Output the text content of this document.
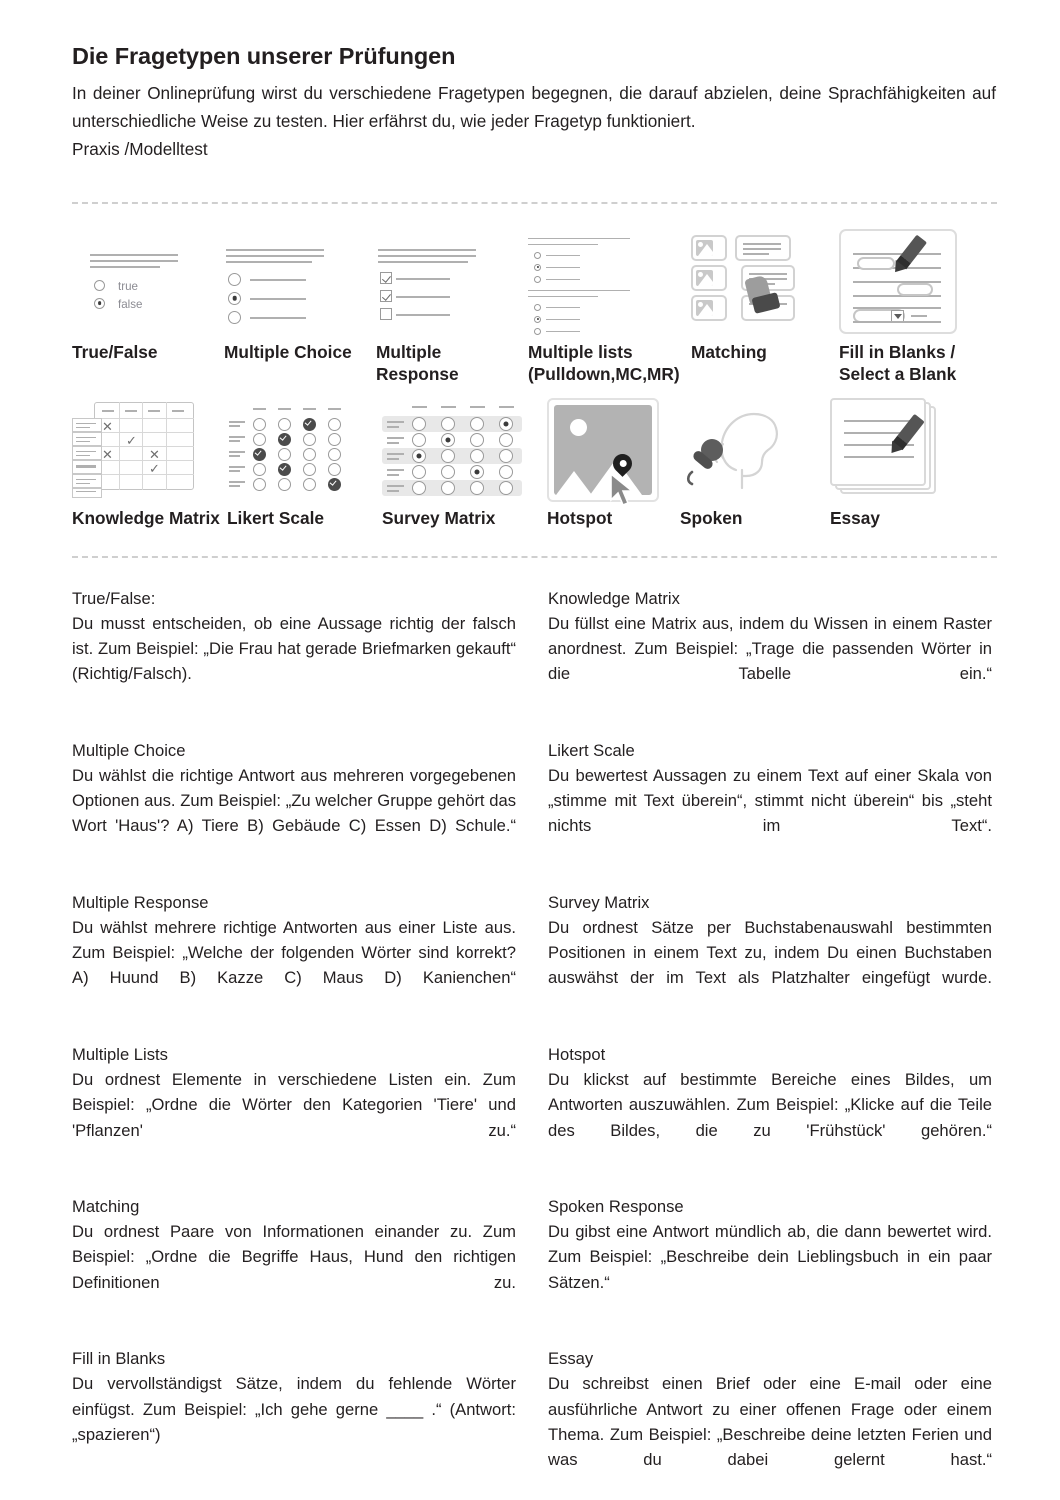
Die Fragetypen unserer Prüfungen

In deiner Onlineprüfung wirst du verschiedene Fragetypen begegnen, die darauf abzielen, deine Sprachfähigkeiten auf unterschiedliche Weise zu testen. Hier erfährst du, wie jeder Fragetyp funktioniert.
Praxis /Modelltest

true
false
True/False	Multiple Choice	Multiple Response
Multiple lists (Pulldown,MC,MR)
Matching	Fill in Blanks / Select a Blank
✕
✓
✕	✕
✓
Knowledge Matrix Likert Scale	Survey Matrix	Hotspot	Spoken	Essay

True/False:

Du musst entscheiden, ob eine Aussage richtig der falsch ist. Zum Beispiel: „Die Frau hat gerade Briefmarken gekauft“ (Richtig/Falsch).

Multiple Choice

Du wählst die richtige Antwort aus mehreren vorgegebenen Optionen aus. Zum Beispiel: „Zu welcher Gruppe gehört das Wort 'Haus'? A) Tiere B) Gebäude C) Essen D) Schule.“

Multiple Response

Du wählst mehrere richtige Antworten aus einer Liste aus. Zum Beispiel: „Welche der folgenden Wörter sind korrekt? A) Huund B) Kazze C) Maus D) Kanienchen“

Multiple Lists

Du ordnest Elemente in verschiedene Listen ein. Zum Beispiel: „Ordne die Wörter den Kategorien 'Tiere' und 'Pflanzen' zu.“

Matching

Du ordnest Paare von Informationen einander zu. Zum Beispiel: „Ordne die Begriffe Haus, Hund den richtigen Definitionen zu.

Fill in Blanks

Du vervollständigst Sätze, indem du fehlende Wörter einfügst. Zum Beispiel: „Ich gehe gerne ____ .“ (Antwort: „spazieren“)

Knowledge Matrix

Du füllst eine Matrix aus, indem du Wissen in einem Raster anordnest. Zum Beispiel: „Trage die passenden Wörter in die Tabelle ein.“

Likert Scale

Du bewertest Aussagen zu einem Text auf einer Skala von „stimme mit Text überein“, stimmt nicht überein“ bis „steht nichts im Text“.

Survey Matrix

Du ordnest Sätze per Buchstabenauswahl bestimmten Positionen in einem Text zu, indem Du einen Buchstaben auswähst der im Text als Platzhalter eingefügt wurde.

Hotspot

Du klickst auf bestimmte Bereiche eines Bildes, um Antworten auszuwählen. Zum Beispiel: „Klicke auf die Teile des Bildes, die zu 'Frühstück' gehören.“

Spoken Response

Du gibst eine Antwort mündlich ab, die dann bewertet wird. Zum Beispiel: „Beschreibe dein Lieblingsbuch in ein paar Sätzen.“

Essay

Du schreibst einen Brief oder eine E-mail oder eine ausführliche Antwort zu einer offenen Frage oder einem Thema. Zum Beispiel: „Beschreibe deine letzten Ferien und was du dabei gelernt hast.“
